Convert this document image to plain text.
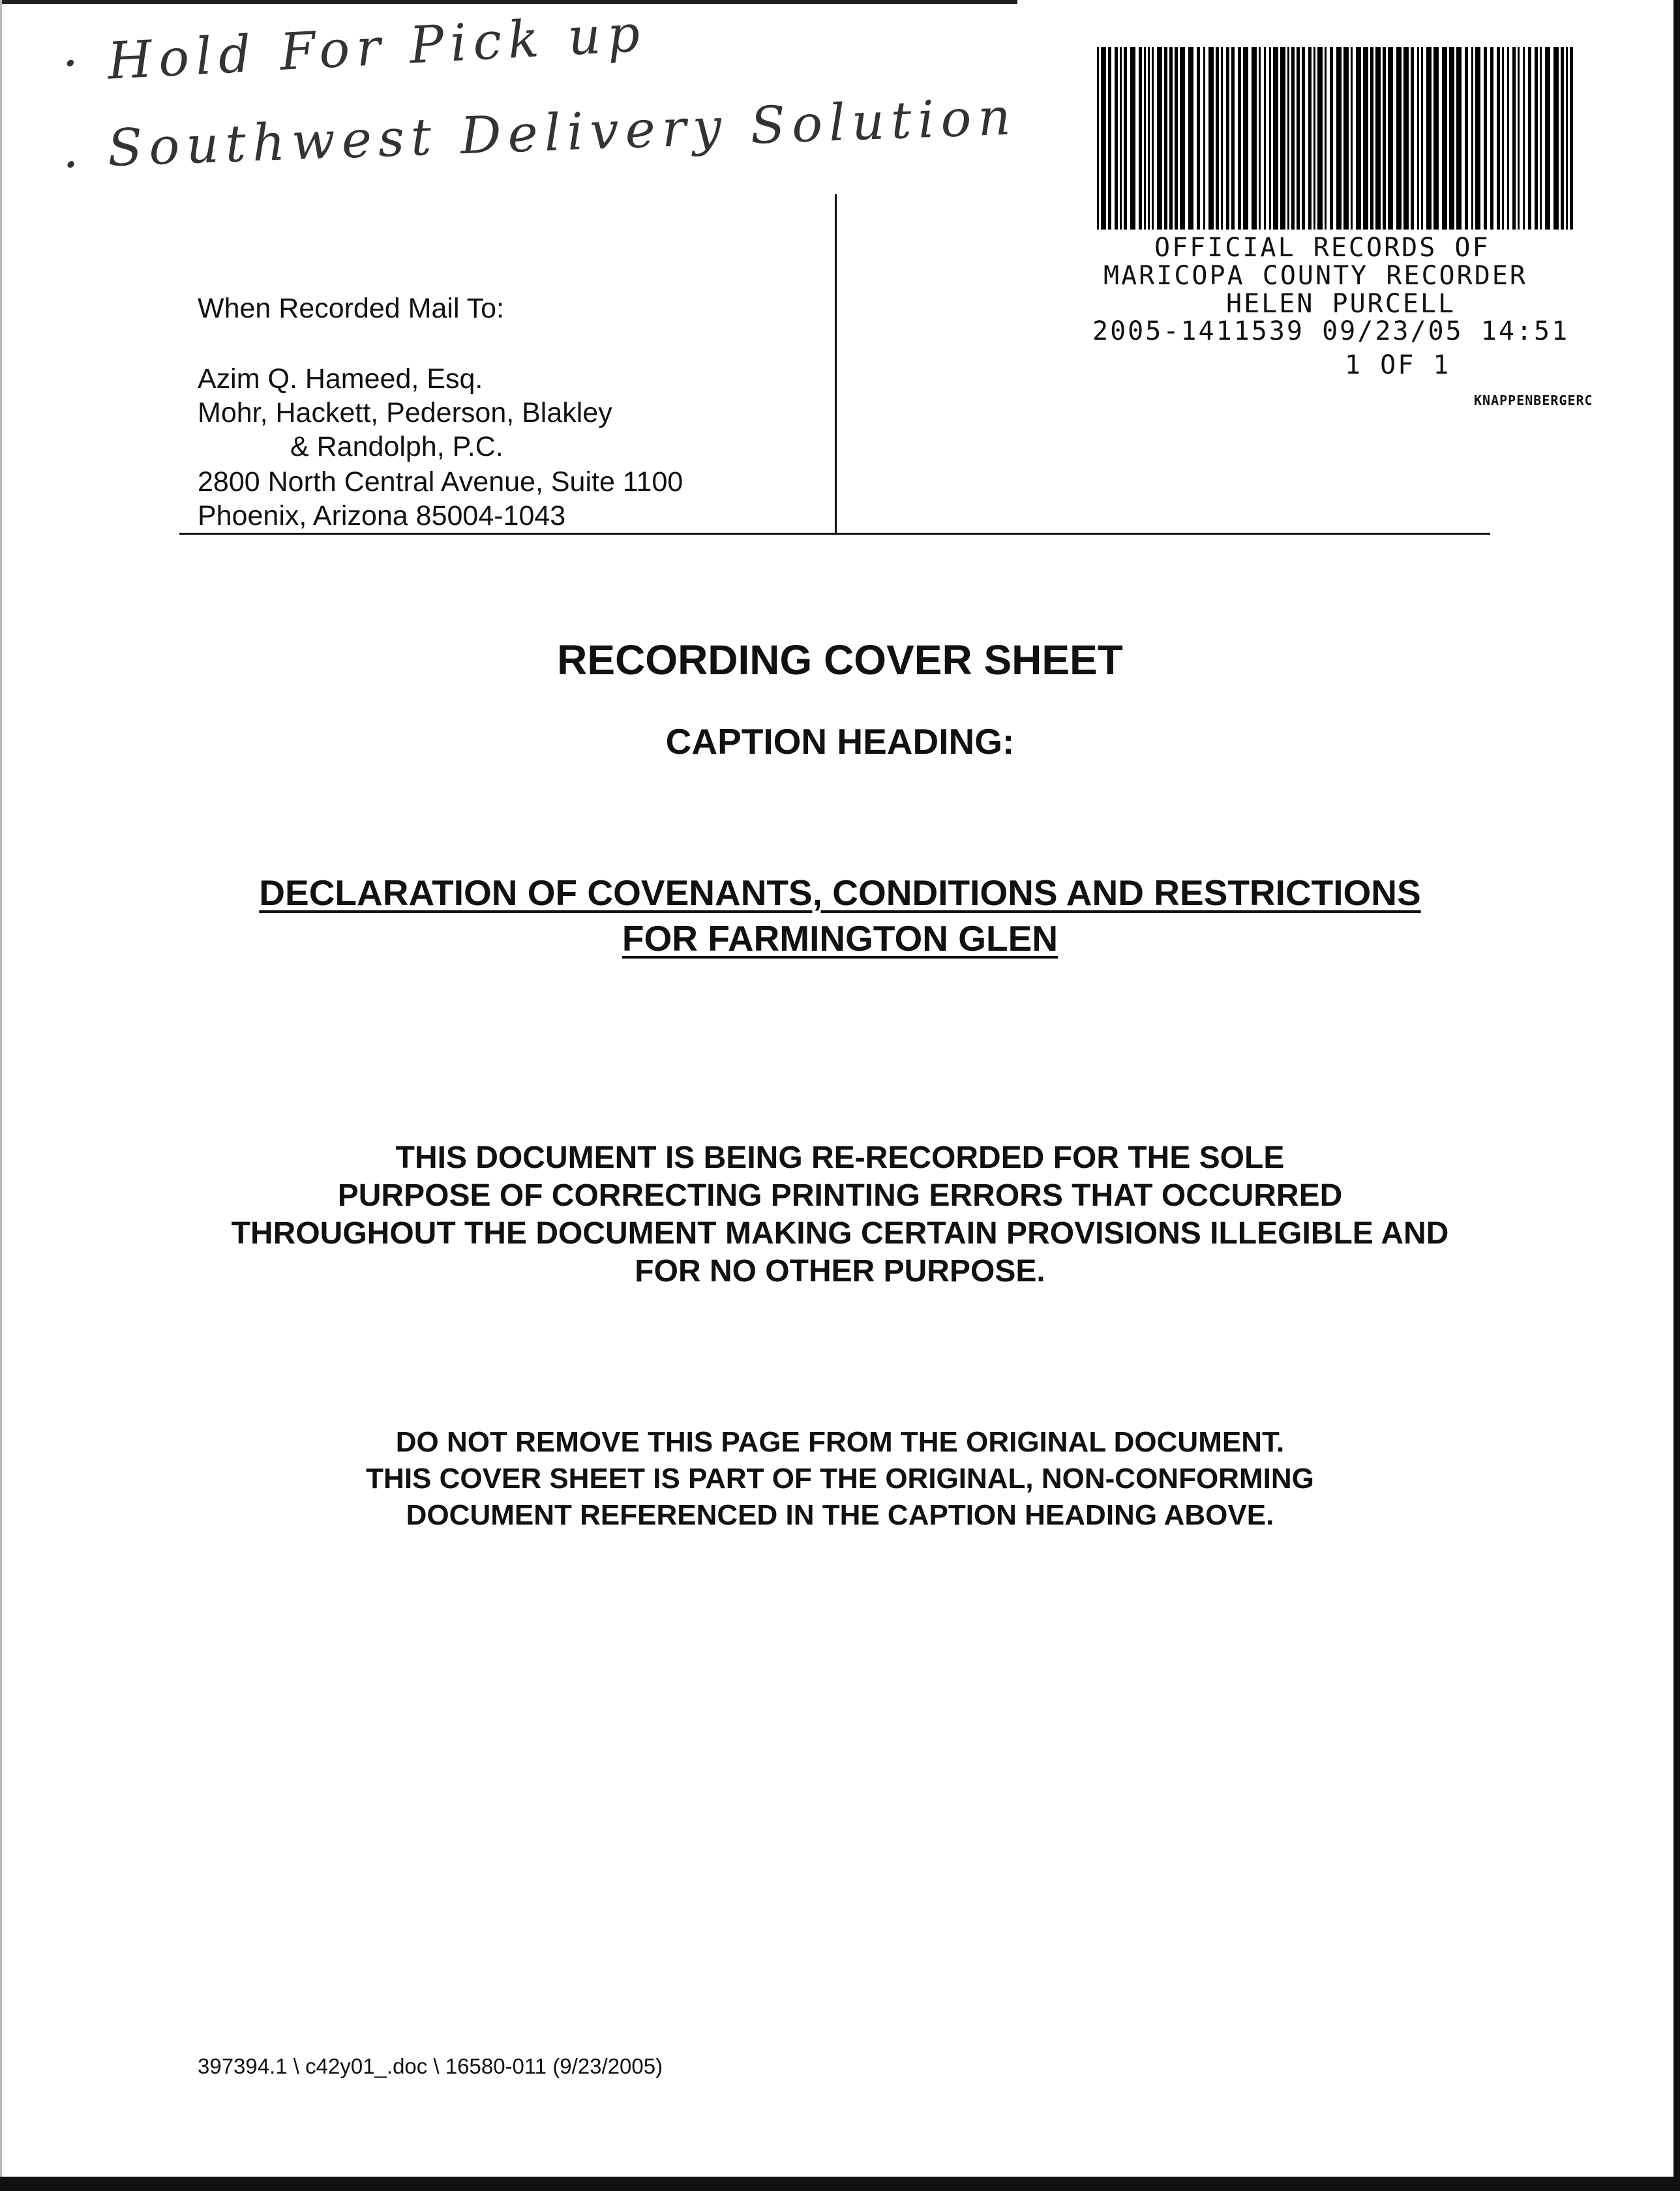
· Hold For Pick up
. Southwest Delivery Solution
OFFICIAL RECORDS OF
MARICOPA COUNTY RECORDER
HELEN PURCELL
2005-1411539 09/23/05 14:51
1 OF 1
KNAPPENBERGERC
When Recorded Mail To:
Azim Q. Hameed, Esq.
Mohr, Hackett, Pederson, Blakley
& Randolph, P.C.
2800 North Central Avenue, Suite 1100
Phoenix, Arizona 85004-1043
RECORDING COVER SHEET
CAPTION HEADING:
DECLARATION OF COVENANTS, CONDITIONS AND RESTRICTIONS
FOR FARMINGTON GLEN
THIS DOCUMENT IS BEING RE-RECORDED FOR THE SOLE
PURPOSE OF CORRECTING PRINTING ERRORS THAT OCCURRED
THROUGHOUT THE DOCUMENT MAKING CERTAIN PROVISIONS ILLEGIBLE AND
FOR NO OTHER PURPOSE.
DO NOT REMOVE THIS PAGE FROM THE ORIGINAL DOCUMENT.
THIS COVER SHEET IS PART OF THE ORIGINAL, NON-CONFORMING
DOCUMENT REFERENCED IN THE CAPTION HEADING ABOVE.
397394.1 \ c42y01_.doc \ 16580-011 (9/23/2005)
